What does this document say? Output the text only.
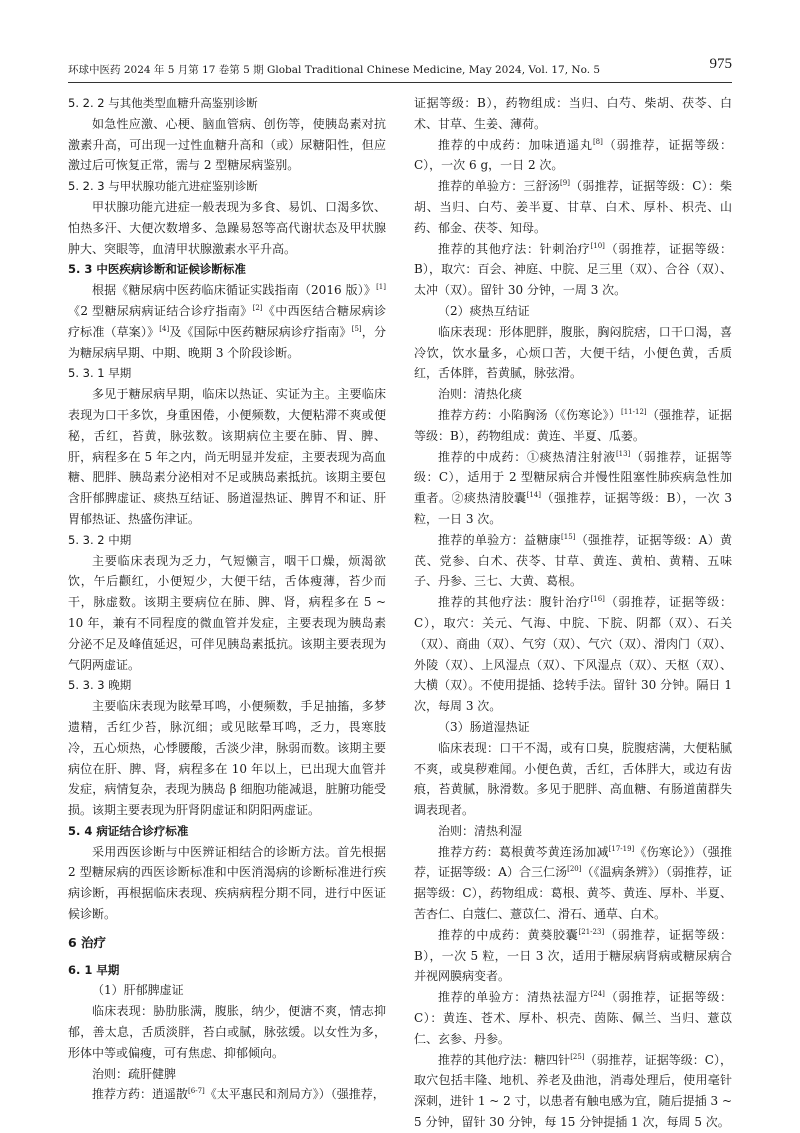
环球中医药 2024 年 5 月第 17 卷第 5 期 Global Traditional Chinese Medicine, May 2024, Vol. 17, No. 5	975

5. 2. 2 与其他类型血糖升高鉴别诊断

如急性应激、心梗、脑血管病、创伤等，使胰岛素对抗激素升高，可出现一过性血糖升高和（或）尿糖阳性，但应激过后可恢复正常，需与 2 型糖尿病鉴别。

5. 2. 3 与甲状腺功能亢进症鉴别诊断

甲状腺功能亢进症一般表现为多食、易饥、口渴多饮、怕热多汗、大便次数增多、急躁易怒等高代谢状态及甲状腺肿大、突眼等，血清甲状腺激素水平升高。

5. 3 中医疾病诊断和证候诊断标准

根据《糖尿病中医药临床循证实践指南（2016 版）》[1]《2 型糖尿病病证结合诊疗指南》[2]《中西医结合糖尿病诊疗标准（草案）》[4]及《国际中医药糖尿病诊疗指南》[5]，分为糖尿病早期、中期、晚期 3 个阶段诊断。

5. 3. 1 早期

多见于糖尿病早期，临床以热证、实证为主。主要临床表现为口干多饮，身重困倦，小便频数，大便粘滞不爽或便秘，舌红，苔黄，脉弦数。该期病位主要在肺、胃、脾、肝，病程多在 5 年之内，尚无明显并发症，主要表现为高血糖、肥胖、胰岛素分泌相对不足或胰岛素抵抗。该期主要包含肝郁脾虚证、痰热互结证、肠道湿热证、脾胃不和证、肝胃郁热证、热盛伤津证。

5. 3. 2 中期

主要临床表现为乏力，气短懒言，咽干口燥，烦渴欲饮，午后颧红，小便短少，大便干结，舌体瘦薄，苔少而干，脉虚数。该期主要病位在肺、脾、肾，病程多在 5 ~ 10 年，兼有不同程度的微血管并发症，主要表现为胰岛素分泌不足及峰值延迟，可伴见胰岛素抵抗。该期主要表现为气阴两虚证。

5. 3. 3 晚期

主要临床表现为眩晕耳鸣，小便频数，手足抽搐，多梦遗精，舌红少苔，脉沉细；或见眩晕耳鸣，乏力，畏寒肢冷，五心烦热，心悸腰酸，舌淡少津，脉弱而数。该期主要病位在肝、脾、肾，病程多在 10 年以上，已出现大血管并发症，病情复杂，表现为胰岛 β 细胞功能减退，脏腑功能受损。该期主要表现为肝肾阴虚证和阴阳两虚证。

5. 4 病证结合诊疗标准

采用西医诊断与中医辨证相结合的诊断方法。首先根据 2 型糖尿病的西医诊断标准和中医消渴病的诊断标准进行疾病诊断，再根据临床表现、疾病病程分期不同，进行中医证候诊断。

6 治疗

6. 1 早期

（1）肝郁脾虚证

临床表现：胁肋胀满，腹胀，纳少，便溏不爽，情志抑郁，善太息，舌质淡胖，苔白或腻，脉弦缓。以女性为多，形体中等或偏瘦，可有焦虑、抑郁倾向。

治则：疏肝健脾

推荐方药：逍遥散[6-7]《太平惠民和剂局方》）（强推荐，

证据等级：B），药物组成：当归、白芍、柴胡、茯苓、白术、甘草、生姜、薄荷。

推荐的中成药：加味逍遥丸[8]（弱推荐，证据等级：C），一次 6 g，一日 2 次。

推荐的单验方：三舒汤[9]（弱推荐，证据等级：C）：柴胡、当归、白芍、姜半夏、甘草、白术、厚朴、枳壳、山药、郁金、茯苓、知母。

推荐的其他疗法：针刺治疗[10]（弱推荐，证据等级：B），取穴：百会、神庭、中脘、足三里（双）、合谷（双）、太冲（双）。留针 30 分钟，一周 3 次。

（2）痰热互结证

临床表现：形体肥胖，腹胀，胸闷脘痞，口干口渴，喜冷饮，饮水量多，心烦口苦，大便干结，小便色黄，舌质红，舌体胖，苔黄腻，脉弦滑。

治则：清热化痰

推荐方药：小陷胸汤（《伤寒论》）[11-12]（强推荐，证据等级：B），药物组成：黄连、半夏、瓜蒌。

推荐的中成药：①痰热清注射液[13]（弱推荐，证据等级：C），适用于 2 型糖尿病合并慢性阻塞性肺疾病急性加重者。②痰热清胶囊[14]（强推荐，证据等级：B），一次 3 粒，一日 3 次。

推荐的单验方：益糖康[15]（强推荐，证据等级：A）黄芪、党参、白术、茯苓、甘草、黄连、黄柏、黄精、五味子、丹参、三七、大黄、葛根。

推荐的其他疗法：腹针治疗[16]（弱推荐，证据等级：C），取穴：关元、气海、中脘、下脘、阴都（双）、石关（双）、商曲（双）、气穷（双）、气穴（双）、滑肉门（双）、外陵（双）、上风湿点（双）、下风湿点（双）、天枢（双）、大横（双）。不使用提插、捻转手法。留针 30 分钟。隔日 1 次，每周 3 次。

（3）肠道湿热证

临床表现：口干不渴，或有口臭，脘腹痞满，大便粘腻不爽，或臭秽难闻。小便色黄，舌红，舌体胖大，或边有齿痕，苔黄腻，脉滑数。多见于肥胖、高血糖、有肠道菌群失调表现者。

治则：清热利湿

推荐方药：葛根黄芩黄连汤加减[17-19]《伤寒论》）（强推荐，证据等级：A）合三仁汤[20]（《温病条辨》）（弱推荐，证据等级：C），药物组成：葛根、黄芩、黄连、厚朴、半夏、苦杏仁、白蔻仁、薏苡仁、滑石、通草、白术。

推荐的中成药：黄葵胶囊[21-23]（弱推荐，证据等级：B），一次 5 粒，一日 3 次，适用于糖尿病肾病或糖尿病合并视网膜病变者。

推荐的单验方：清热祛湿方[24]（弱推荐，证据等级：C）：黄连、苍术、厚朴、枳壳、茵陈、佩兰、当归、薏苡仁、玄参、丹参。

推荐的其他疗法：糖四针[25]（弱推荐，证据等级：C），取穴包括丰隆、地机、养老及曲池，消毒处理后，使用毫针深刺，进针 1 ~ 2 寸，以患者有触电感为宜，随后提插 3 ~ 5 分钟，留针 30 分钟，每 15 分钟提插 1 次，每周 5 次。
